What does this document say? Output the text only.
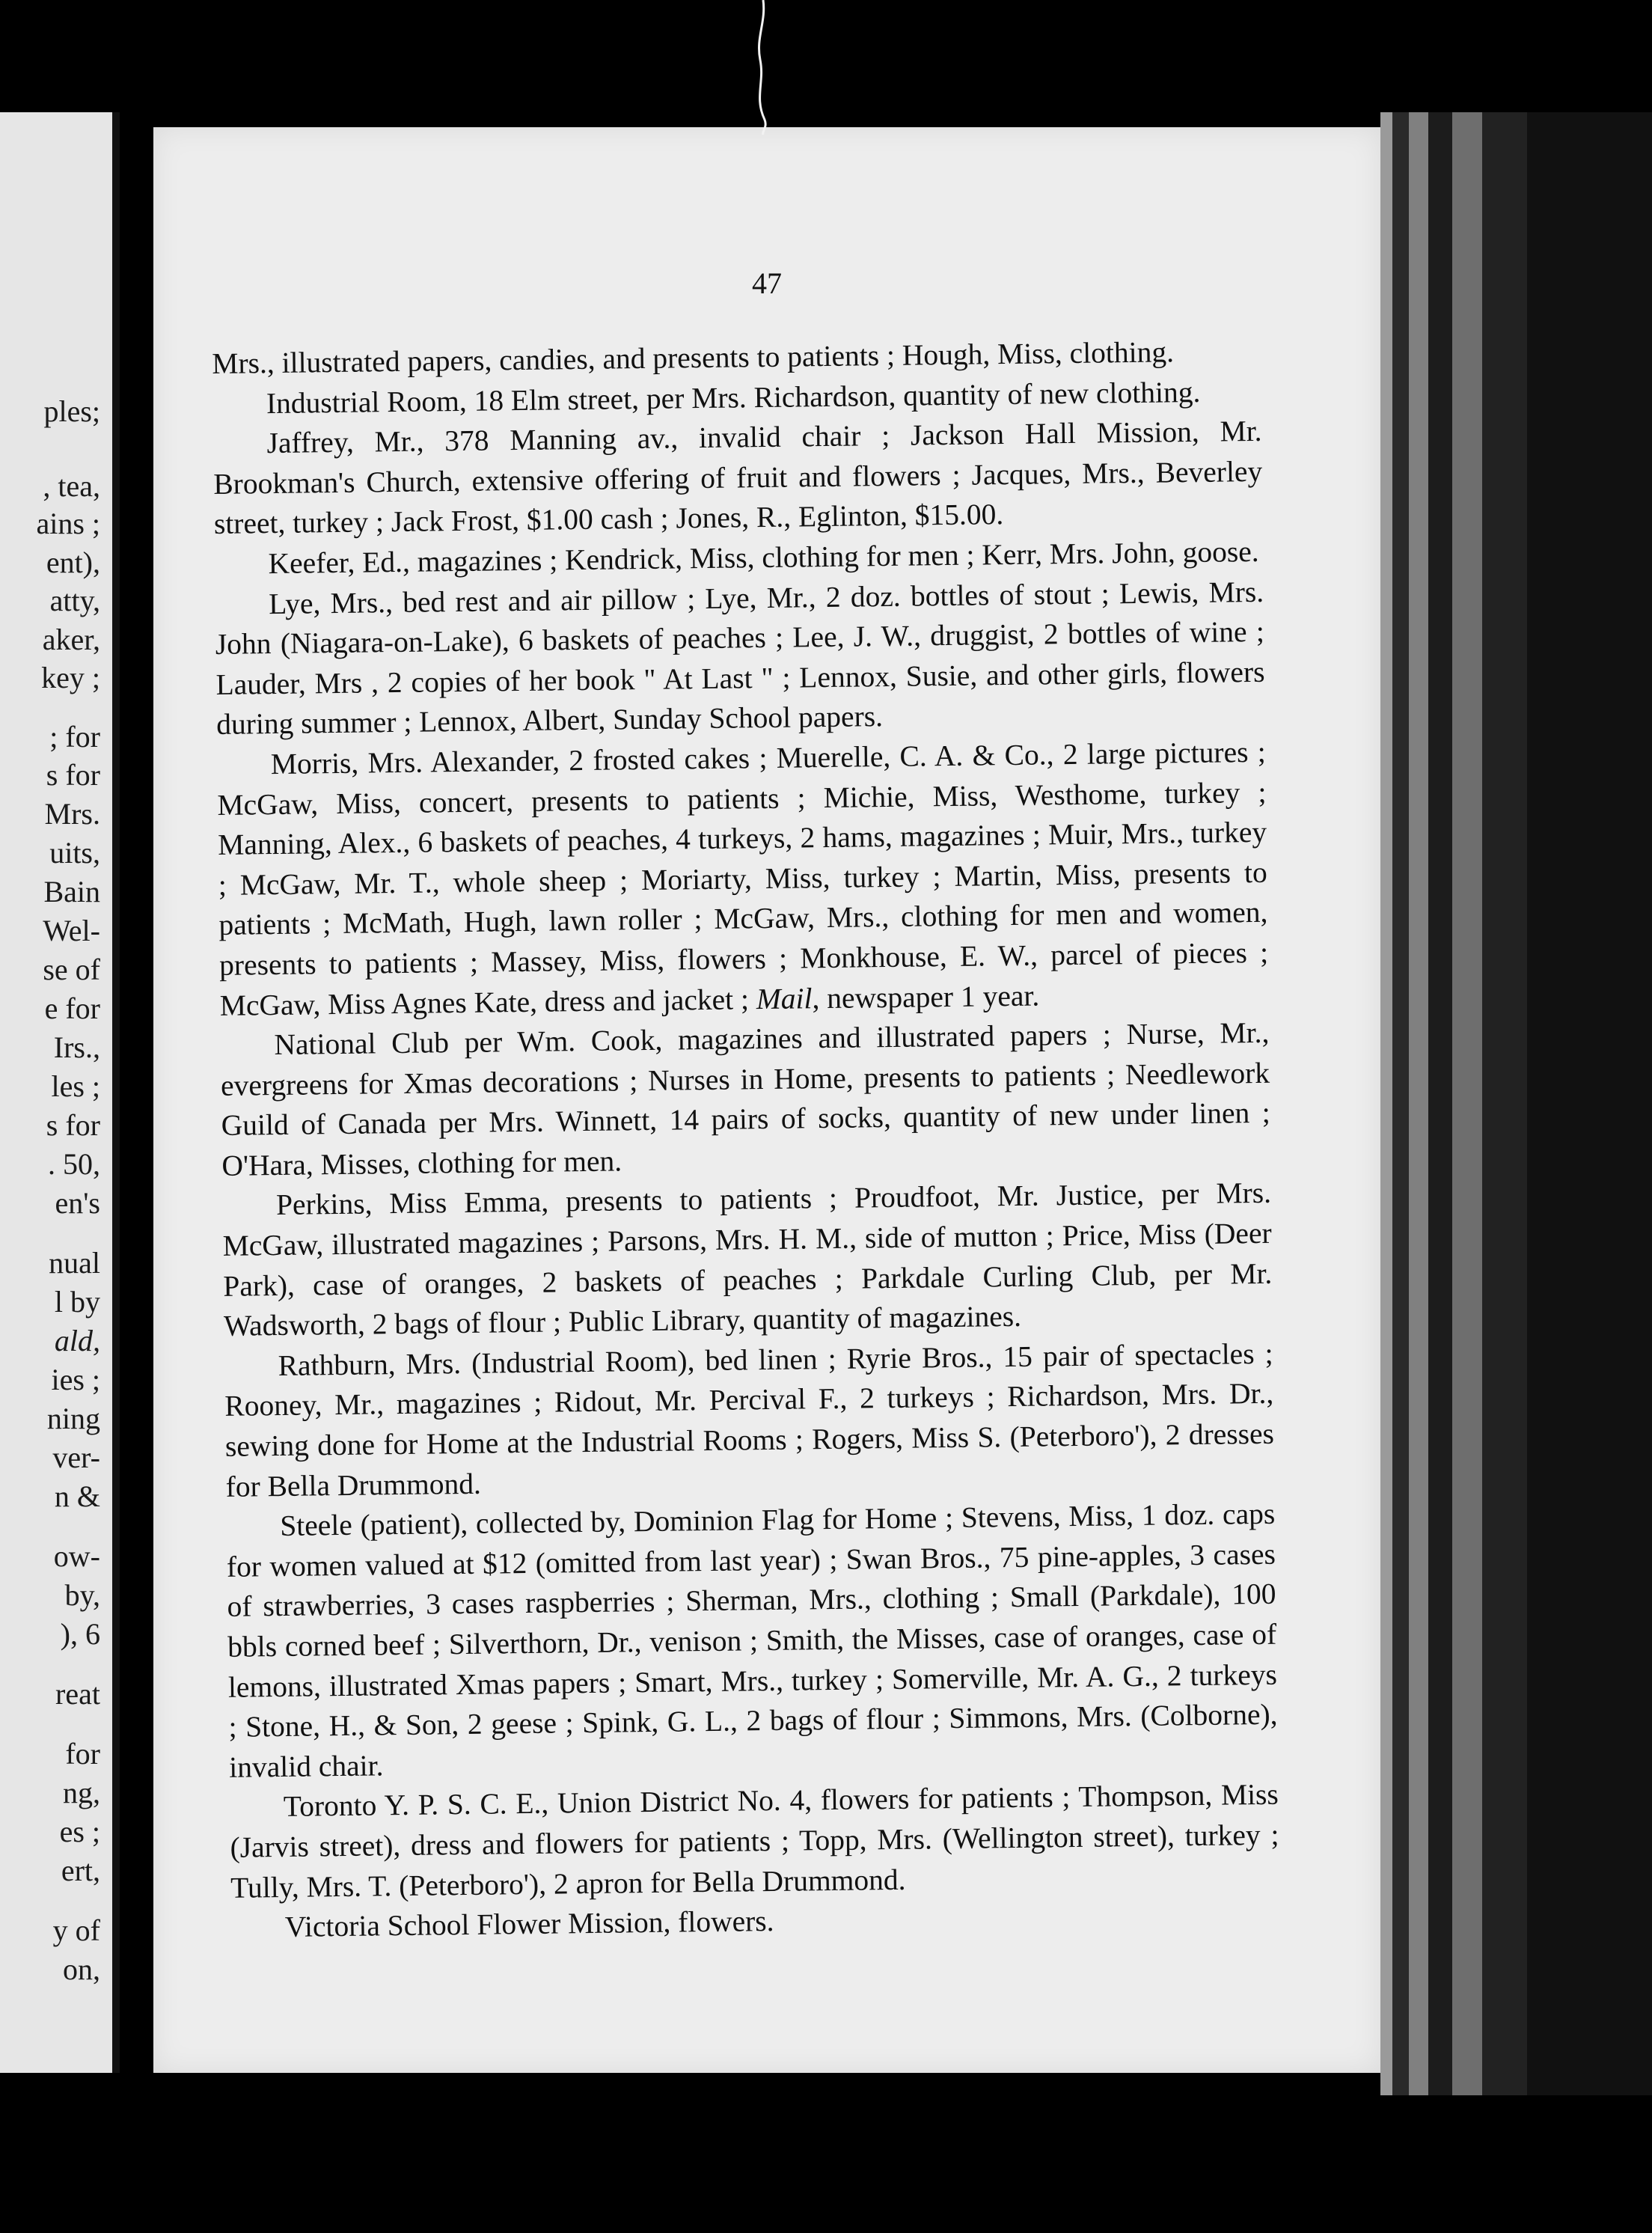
ples;
, tea,
ains ;
ent),
atty,
aker,
key ;
; for
s for
Mrs.
uits,
Bain
Wel-
se of
e for
Irs.,
les ;
s for
. 50,
en's
nual
l by
ald,
ies ;
ning
ver-
n &
ow-
by,
), 6
reat
for
ng,
es ;
ert,
y of
on,
47

Mrs., illustrated papers, candies, and presents to patients ; Hough, Miss, clothing.

Industrial Room, 18 Elm street, per Mrs. Richardson, quantity of new clothing.

Jaffrey, Mr., 378 Manning av., invalid chair ; Jackson Hall Mission, Mr. Brookman's Church, extensive offering of fruit and flowers ; Jacques, Mrs., Beverley street, turkey ; Jack Frost, $1.00 cash ; Jones, R., Eglinton, $15.00.

Keefer, Ed., magazines ; Kendrick, Miss, clothing for men ; Kerr, Mrs. John, goose.

Lye, Mrs., bed rest and air pillow ; Lye, Mr., 2 doz. bottles of stout ; Lewis, Mrs. John (Niagara-on-Lake), 6 baskets of peaches ; Lee, J. W., druggist, 2 bottles of wine ; Lauder, Mrs , 2 copies of her book " At Last " ; Lennox, Susie, and other girls, flowers during summer ; Lennox, Albert, Sunday School papers.

Morris, Mrs. Alexander, 2 frosted cakes ; Muerelle, C. A. & Co., 2 large pictures ; McGaw, Miss, concert, presents to patients ; Michie, Miss, Westhome, turkey ; Manning, Alex., 6 baskets of peaches, 4 turkeys, 2 hams, magazines ; Muir, Mrs., turkey ; McGaw, Mr. T., whole sheep ; Moriarty, Miss, turkey ; Martin, Miss, presents to patients ; McMath, Hugh, lawn roller ; McGaw, Mrs., clothing for men and women, presents to patients ; Massey, Miss, flowers ; Monkhouse, E. W., parcel of pieces ; McGaw, Miss Agnes Kate, dress and jacket ; Mail, newspaper 1 year.

National Club per Wm. Cook, magazines and illustrated papers ; Nurse, Mr., evergreens for Xmas decorations ; Nurses in Home, presents to patients ; Needlework Guild of Canada per Mrs. Winnett, 14 pairs of socks, quantity of new under linen ; O'Hara, Misses, clothing for men.

Perkins, Miss Emma, presents to patients ; Proudfoot, Mr. Justice, per Mrs. McGaw, illustrated magazines ; Parsons, Mrs. H. M., side of mutton ; Price, Miss (Deer Park), case of oranges, 2 baskets of peaches ; Parkdale Curling Club, per Mr. Wadsworth, 2 bags of flour ; Public Library, quantity of magazines.

Rathburn, Mrs. (Industrial Room), bed linen ; Ryrie Bros., 15 pair of spectacles ; Rooney, Mr., magazines ; Ridout, Mr. Percival F., 2 turkeys ; Richardson, Mrs. Dr., sewing done for Home at the Industrial Rooms ; Rogers, Miss S. (Peterboro'), 2 dresses for Bella Drummond.

Steele (patient), collected by, Dominion Flag for Home ; Stevens, Miss, 1 doz. caps for women valued at $12 (omitted from last year) ; Swan Bros., 75 pine-apples, 3 cases of strawberries, 3 cases raspberries ; Sherman, Mrs., clothing ; Small (Parkdale), 100 bbls corned beef ; Silverthorn, Dr., venison ; Smith, the Misses, case of oranges, case of lemons, illustrated Xmas papers ; Smart, Mrs., turkey ; Somerville, Mr. A. G., 2 turkeys ; Stone, H., & Son, 2 geese ; Spink, G. L., 2 bags of flour ; Simmons, Mrs. (Colborne), invalid chair.

Toronto Y. P. S. C. E., Union District No. 4, flowers for patients ; Thompson, Miss (Jarvis street), dress and flowers for patients ; Topp, Mrs. (Wellington street), turkey ; Tully, Mrs. T. (Peterboro'), 2 apron for Bella Drummond.

Victoria School Flower Mission, flowers.
